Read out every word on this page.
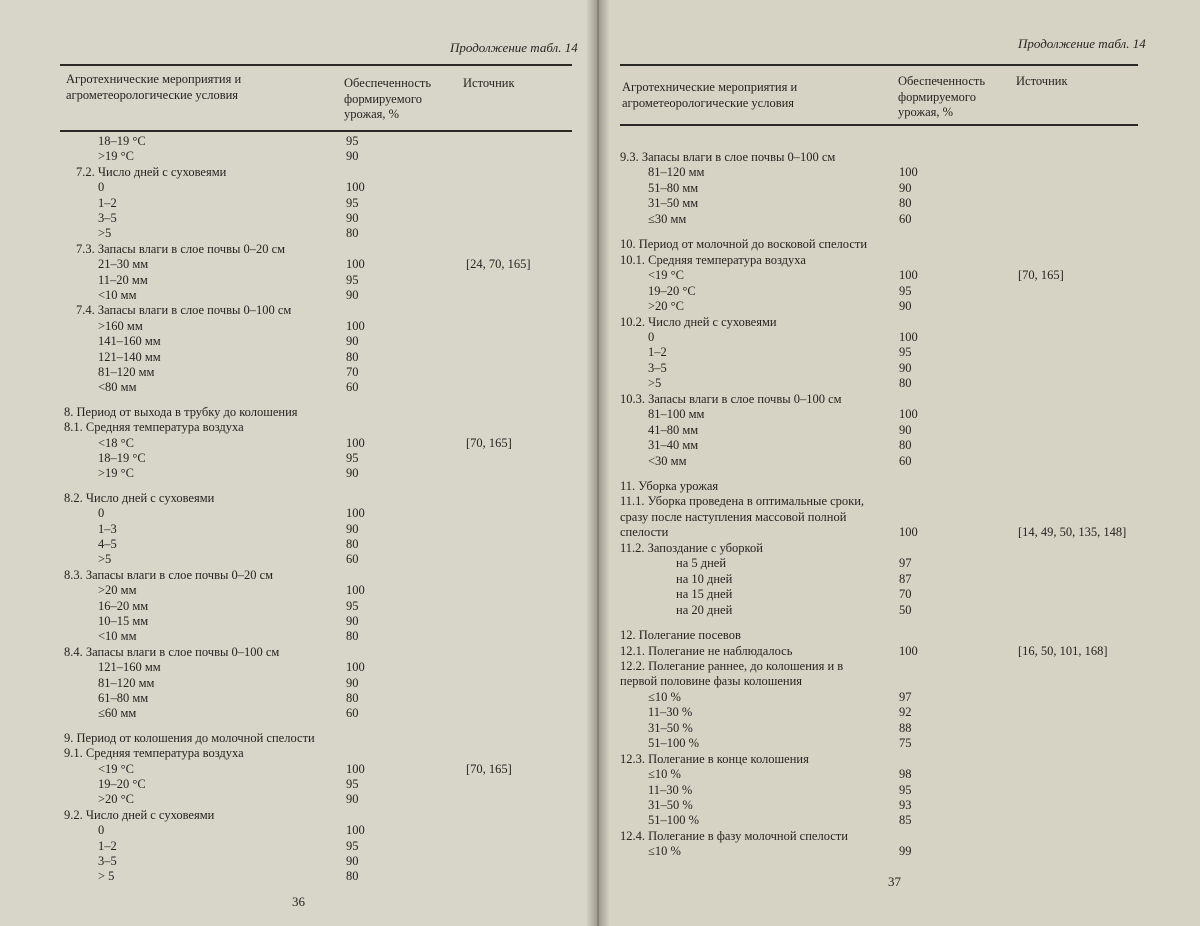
Продолжение табл. 14
Агротехнические мероприятия и агрометеорологические условия
Обеспеченность формируемого урожая, %
Источник
18–19 °C	95
>19 °C	90
7.2. Число дней с суховеями
0	100
1–2	95
3–5	90
>5	80
7.3. Запасы влаги в слое почвы 0–20 см
21–30 мм	100	[24, 70, 165]
11–20 мм	95
<10 мм	90
7.4. Запасы влаги в слое почвы 0–100 см
>160 мм	100
141–160 мм	90
121–140 мм	80
81–120 мм	70
<80 мм	60
8. Период от выхода в трубку до колошения
8.1. Средняя температура воздуха
<18 °C	100	[70, 165]
18–19 °C	95
>19 °C	90
8.2. Число дней с суховеями
0	100
1–3	90
4–5	80
>5	60
8.3. Запасы влаги в слое почвы 0–20 см
>20 мм	100
16–20 мм	95
10–15 мм	90
<10 мм	80
8.4. Запасы влаги в слое почвы 0–100 см
121–160 мм	100
81–120 мм	90
61–80 мм	80
≤60 мм	60
9. Период от колошения до молочной спелости
9.1. Средняя температура воздуха
<19 °C	100	[70, 165]
19–20 °C	95
>20 °C	90
9.2. Число дней с суховеями
0	100
1–2	95
3–5	90
> 5	80
36
Продолжение табл. 14
Агротехнические мероприятия и агрометеорологические условия
Обеспеченность формируемого урожая, %
Источник
9.3. Запасы влаги в слое почвы 0–100 см
81–120 мм	100
51–80 мм	90
31–50 мм	80
≤30 мм	60
10. Период от молочной до восковой спелости
10.1. Средняя температура воздуха
<19 °C	100	[70, 165]
19–20 °C	95
>20 °C	90
10.2. Число дней с суховеями
0	100
1–2	95
3–5	90
>5	80
10.3. Запасы влаги в слое почвы 0–100 см
81–100 мм	100
41–80 мм	90
31–40 мм	80
<30 мм	60
11. Уборка урожая
11.1. Уборка проведена в оптимальные сроки,
сразу после наступления массовой полной
спелости	100	[14, 49, 50, 135, 148]
11.2. Запоздание с уборкой
на 5 дней	97
на 10 дней	87
на 15 дней	70
на 20 дней	50
12. Полегание посевов
12.1. Полегание не наблюдалось	100	[16, 50, 101, 168]
12.2. Полегание раннее, до колошения и в
первой половине фазы колошения
≤10 %	97
11–30 %	92
31–50 %	88
51–100 %	75
12.3. Полегание в конце колошения
≤10 %	98
11–30 %	95
31–50 %	93
51–100 %	85
12.4. Полегание в фазу молочной спелости
≤10 %	99
37
